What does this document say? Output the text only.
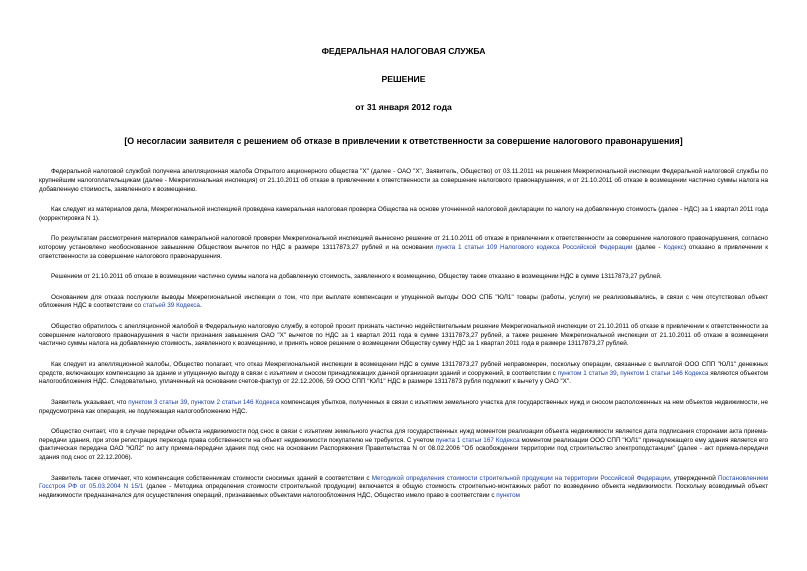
ФЕДЕРАЛЬНАЯ НАЛОГОВАЯ СЛУЖБА
РЕШЕНИЕ
от 31 января 2012 года
[О несогласии заявителя с решением об отказе в привлечении к ответственности за совершение налогового правонарушения]

Федеральной налоговой службой получена апелляционная жалоба Открытого акционерного общества "X" (далее - ОАО "X", Заявитель, Общество) от 03.11.2011 на решения Межрегиональной инспекции Федеральной налоговой службы по крупнейшим налогоплательщикам (далее - Межрегиональная инспекция) от 21.10.2011 об отказе в привлечении к ответственности за совершение налогового правонарушения, и от 21.10.2011 об отказе в возмещении частично суммы налога на добавленную стоимость, заявленного к возмещению.

Как следует из материалов дела, Межрегиональной инспекцией проведена камеральная налоговая проверка Общества на основе уточненной налоговой декларации по налогу на добавленную стоимость (далее - НДС) за 1 квартал 2011 года (корректировка N 1).

По результатам рассмотрения материалов камеральной налоговой проверки Межрегиональной инспекцией вынесено решение от 21.10.2011 об отказе в привлечении к ответственности за совершение налогового правонарушения, согласно которому установлено необоснованное завышение Обществом вычетов по НДС в размере 13117873,27 рублей и на основании пункта 1 статьи 109 Налогового кодекса Российской Федерации (далее - Кодекс) отказано в привлечении к ответственности за совершение налогового правонарушения.

Решением от 21.10.2011 об отказе в возмещении частично суммы налога на добавленную стоимость, заявленного к возмещению, Обществу также отказано в возмещении НДС в сумме 13117873,27 рублей.

Основанием для отказа послужили выводы Межрегиональной инспекции о том, что при выплате компенсации и упущенной выгоды ООО СПБ "ЮЛ1" товары (работы, услуги) не реализовывались, в связи с чем отсутствовал объект обложения НДС в соответствии со статьей 39 Кодекса.

Общество обратилось с апелляционной жалобой в Федеральную налоговую службу, в которой просит признать частично недействительным решение Межрегиональной инспекции от 21.10.2011 об отказе в привлечении к ответственности за совершение налогового правонарушения в части признания завышения ОАО "X" вычетов по НДС за 1 квартал 2011 года в сумме 13117873,27 рублей, а также решение Межрегиональной инспекции от 21.10.2011 об отказе в возмещении частично суммы налога на добавленную стоимость, заявленного к возмещению, и принять новое решение о возмещении Обществу сумму НДС за 1 квартал 2011 года в размере 13117873,27 рублей.

Как следует из апелляционной жалобы, Общество полагает, что отказ Межрегиональной инспекции в возмещении НДС в сумме 13117873,27 рублей неправомерен, поскольку операции, связанные с выплатой ООО СПП "ЮЛ1" денежных средств, включающих компенсацию за здание и упущенную выгоду в связи с изъятием и сносом принадлежащих данной организации зданий и сооружений, в соответствии с пунктом 1 статьи 39, пунктом 1 статьи 146 Кодекса являются объектом налогообложения НДС. Следовательно, уплаченный на основании счетов-фактур от 22.12.2006, 59 ООО СПП "ЮЛ1" НДС в размере 13117873 рубля подлежит к вычету у ОАО "X".

Заявитель указывает, что пунктом 3 статьи 39, пунктом 2 статьи 146 Кодекса компенсация убытков, полученных в связи с изъятием земельного участка для государственных нужд и сносом расположенных на нем объектов недвижимости, не предусмотрена как операция, не подлежащая налогообложению НДС.

Общество считает, что в случае передачи объекта недвижимости под снос в связи с изъятием земельного участка для государственных нужд моментом реализации объекта недвижимости является дата подписания сторонами акта приема-передачи здания, при этом регистрация перехода права собственности на объект недвижимости покупателю не требуется. С учетом пункта 1 статьи 167 Кодекса моментом реализации ООО СПП "ЮЛ1" принадлежащего ему здания является его фактическая передача ОАО "ЮЛ2" по акту приема-передачи здания под снос на основании Распоряжения Правительства N от 08.02.2006 "Об освобождении территории под строительство электроподстанции" (далее - акт приема-передачи здания под снос от 22.12.2006).

Заявитель также отмечает, что компенсация собственникам стоимости сносимых зданий в соответствии с Методикой определения стоимости строительной продукции на территории Российской Федерации, утвержденной Постановлением Госстроя РФ от 05.03.2004 N 15/1 (далее - Методика определения стоимости строительной продукции) включается в общую стоимость строительно-монтажных работ по возведению объекта недвижимости. Поскольку возводимый объект недвижимости предназначался для осуществления операций, признаваемых объектами налогообложения НДС, Общество имело право в соответствии с пунктом
